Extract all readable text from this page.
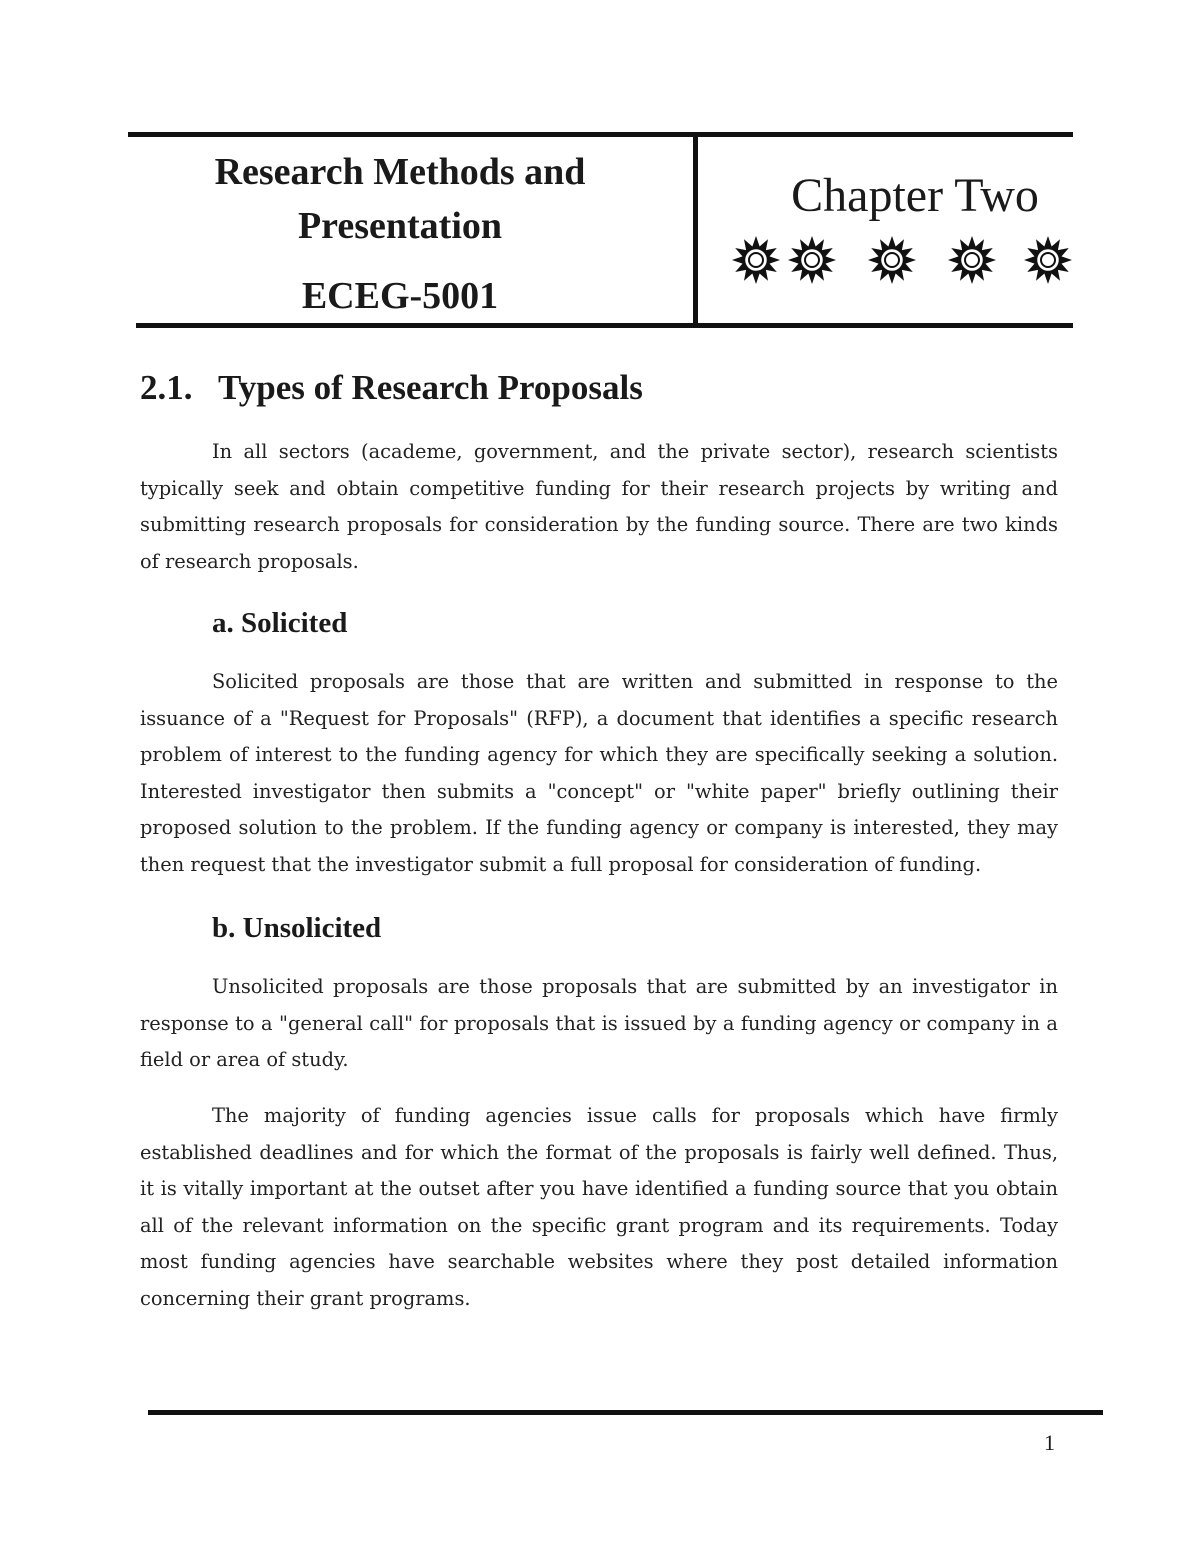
Research Methods and Presentation
ECEG-5001
Chapter Two
2.1. Types of Research Proposals

In all sectors (academe, government, and the private sector), research scientists typically seek and obtain competitive funding for their research projects by writing and submitting research proposals for consideration by the funding source. There are two kinds of research proposals.

a. Solicited

Solicited proposals are those that are written and submitted in response to the issuance of a "Request for Proposals" (RFP), a document that identifies a specific research problem of interest to the funding agency for which they are specifically seeking a solution. Interested investigator then submits a "concept" or "white paper" briefly outlining their proposed solution to the problem. If the funding agency or company is interested, they may then request that the investigator submit a full proposal for consideration of funding.

b. Unsolicited

Unsolicited proposals are those proposals that are submitted by an investigator in response to a "general call" for proposals that is issued by a funding agency or company in a field or area of study.

The majority of funding agencies issue calls for proposals which have firmly established deadlines and for which the format of the proposals is fairly well defined. Thus, it is vitally important at the outset after you have identified a funding source that you obtain all of the relevant information on the specific grant program and its requirements. Today most funding agencies have searchable websites where they post detailed information concerning their grant programs.

1
